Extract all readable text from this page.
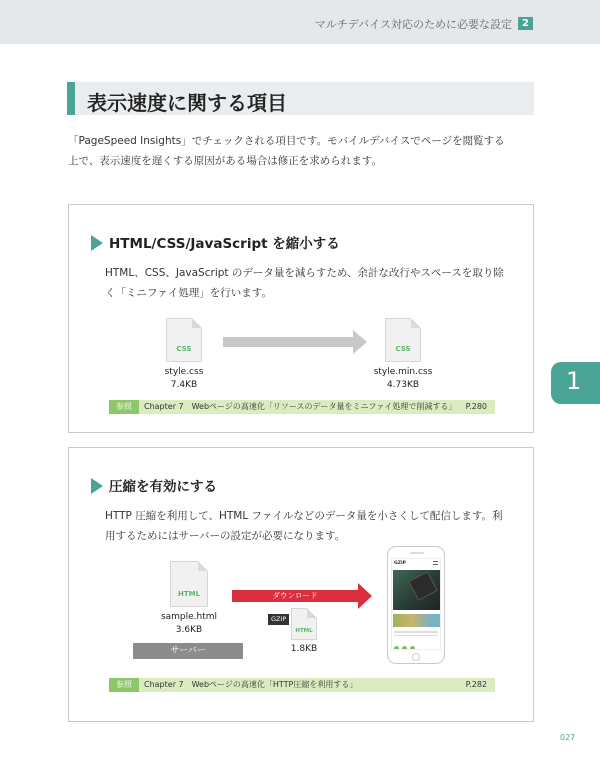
マルチデバイス対応のために必要な設定	2
表示速度に関する項目

「PageSpeed Insights」でチェックされる項目です。モバイルデバイスでページを閲覧する上で、表示速度を遅くする原因がある場合は修正を求められます。

HTML/CSS/JavaScript を縮小する

HTML、CSS、JavaScript のデータ量を減らすため、余計な改行やスペースを取り除く「ミニファイ処理」を行います。

CSS
style.css
7.4KB
CSS
style.min.css
4.73KB
参照	Chapter 7　Webページの高速化「リソースのデータ量をミニファイ処理で削減する」 P.280
圧縮を有効にする

HTTP 圧縮を利用して、HTML ファイルなどのデータ量を小さくして配信します。利用するためにはサーバーの設定が必要になります。

HTML
sample.html
3.6KB
ダウンロード
GZIP
HTML
1.8KB
サーバー
GZIP
参照	Chapter 7　Webページの高速化「HTTP圧縮を利用する」	P.282
1
027
